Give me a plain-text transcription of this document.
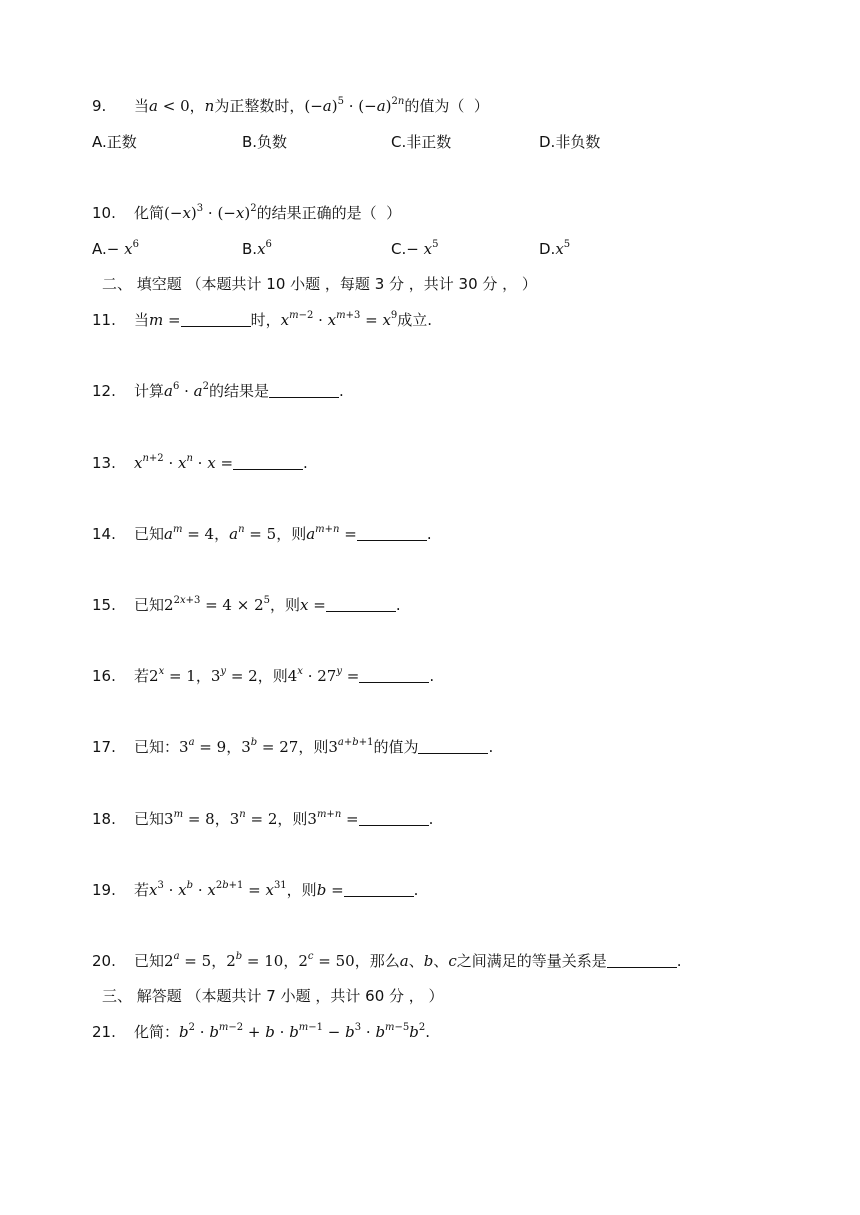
9. 当a < 0，n为正整数时，$(-a)^5 \cdot (-a)^{2n}$的值为（  ）
A.正数	B.负数	C.非正数	D.非负数
10. 化简$(-x)^3 \cdot (-x)^2$的结果正确的是（  ）
$A.- x^6$	$B.x^6$	$C.- x^5$	$D.x^5$
二、 填空题 （本题共计 10 小题 ，每题 3 分 ，共计 30 分 ， ）
11. 当m =	时，$x^{m-2} \cdot x^{m+3} = x^9$成立.
12. 计算$a^6 \cdot a^2$的结果是	.
13. $x^{n+2} \cdot x^n \cdot x$ =	.
14. 已知$a^m = 4$，$a^n = 5$，则$a^{m+n}$ =	.
15. 已知$2^{2x+3} = 4 \times 2^5$，则x =	.
16. 若$2^x = 1$，$3^y = 2$，则$4^x \cdot 27^y$ =	.
17. 已知：$3^a = 9$，$3^b = 27$，则$3^{a+b+1}$的值为	.
18. 已知$3^m = 8$，$3^n = 2$，则$3^{m+n}$ =	.
19. 若$x^3 \cdot x^b \cdot x^{2b+1} = x^{31}$，则b =	.
20. 已知$2^a = 5$，$2^b = 10$，$2^c = 50$，那么a、b、c之间满足的等量关系是	.
三、 解答题 （本题共计 7 小题 ，共计 60 分 ， ）
21. 化简：$b^2 \cdot b^{m-2} + b \cdot b^{m-1} - b^3 \cdot b^{m-5}b^2$.
